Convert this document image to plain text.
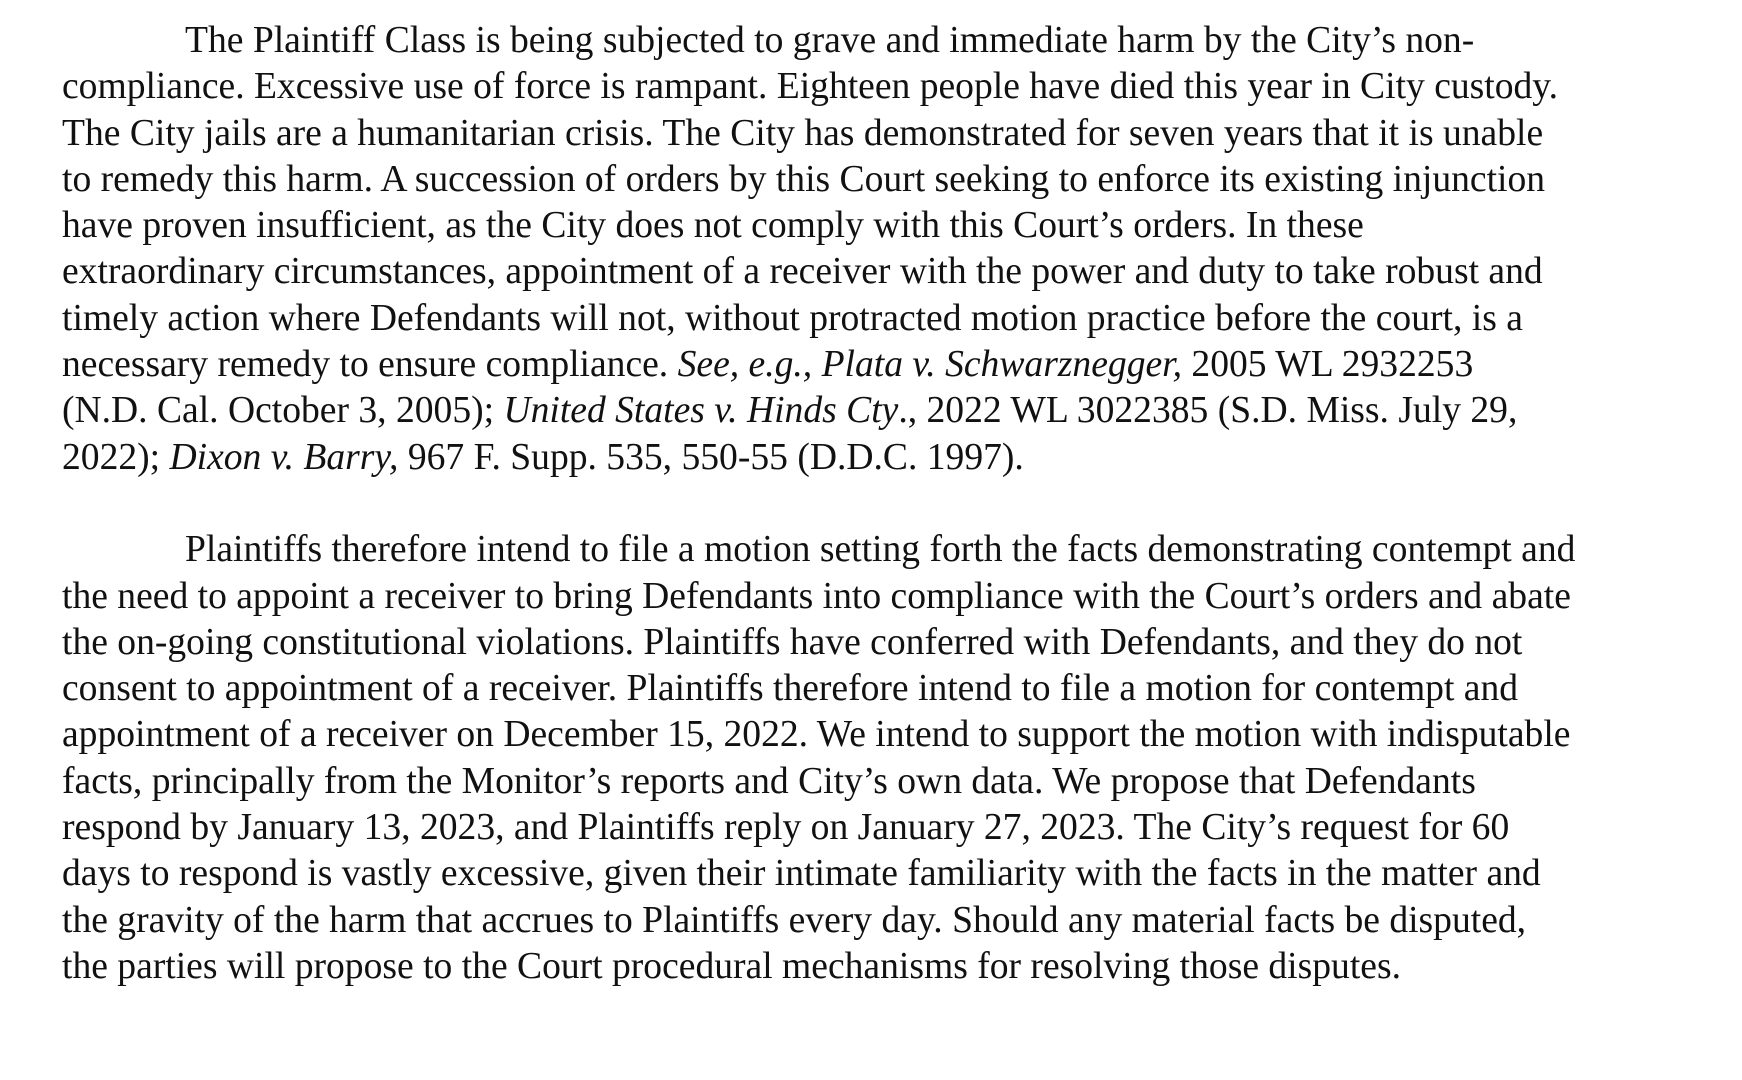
The Plaintiff Class is being subjected to grave and immediate harm by the City’s non-
compliance. Excessive use of force is rampant. Eighteen people have died this year in City custody.
The City jails are a humanitarian crisis. The City has demonstrated for seven years that it is unable
to remedy this harm. A succession of orders by this Court seeking to enforce its existing injunction
have proven insufficient, as the City does not comply with this Court’s orders. In these
extraordinary circumstances, appointment of a receiver with the power and duty to take robust and
timely action where Defendants will not, without protracted motion practice before the court, is a
necessary remedy to ensure compliance. See, e.g., Plata v. Schwarznegger, 2005 WL 2932253
(N.D. Cal. October 3, 2005); United States v. Hinds Cty., 2022 WL 3022385 (S.D. Miss. July 29,
2022); Dixon v. Barry, 967 F. Supp. 535, 550-55 (D.D.C. 1997).
Plaintiffs therefore intend to file a motion setting forth the facts demonstrating contempt and
the need to appoint a receiver to bring Defendants into compliance with the Court’s orders and abate
the on-going constitutional violations. Plaintiffs have conferred with Defendants, and they do not
consent to appointment of a receiver. Plaintiffs therefore intend to file a motion for contempt and
appointment of a receiver on December 15, 2022. We intend to support the motion with indisputable
facts, principally from the Monitor’s reports and City’s own data. We propose that Defendants
respond by January 13, 2023, and Plaintiffs reply on January 27, 2023. The City’s request for 60
days to respond is vastly excessive, given their intimate familiarity with the facts in the matter and
the gravity of the harm that accrues to Plaintiffs every day. Should any material facts be disputed,
the parties will propose to the Court procedural mechanisms for resolving those disputes.
